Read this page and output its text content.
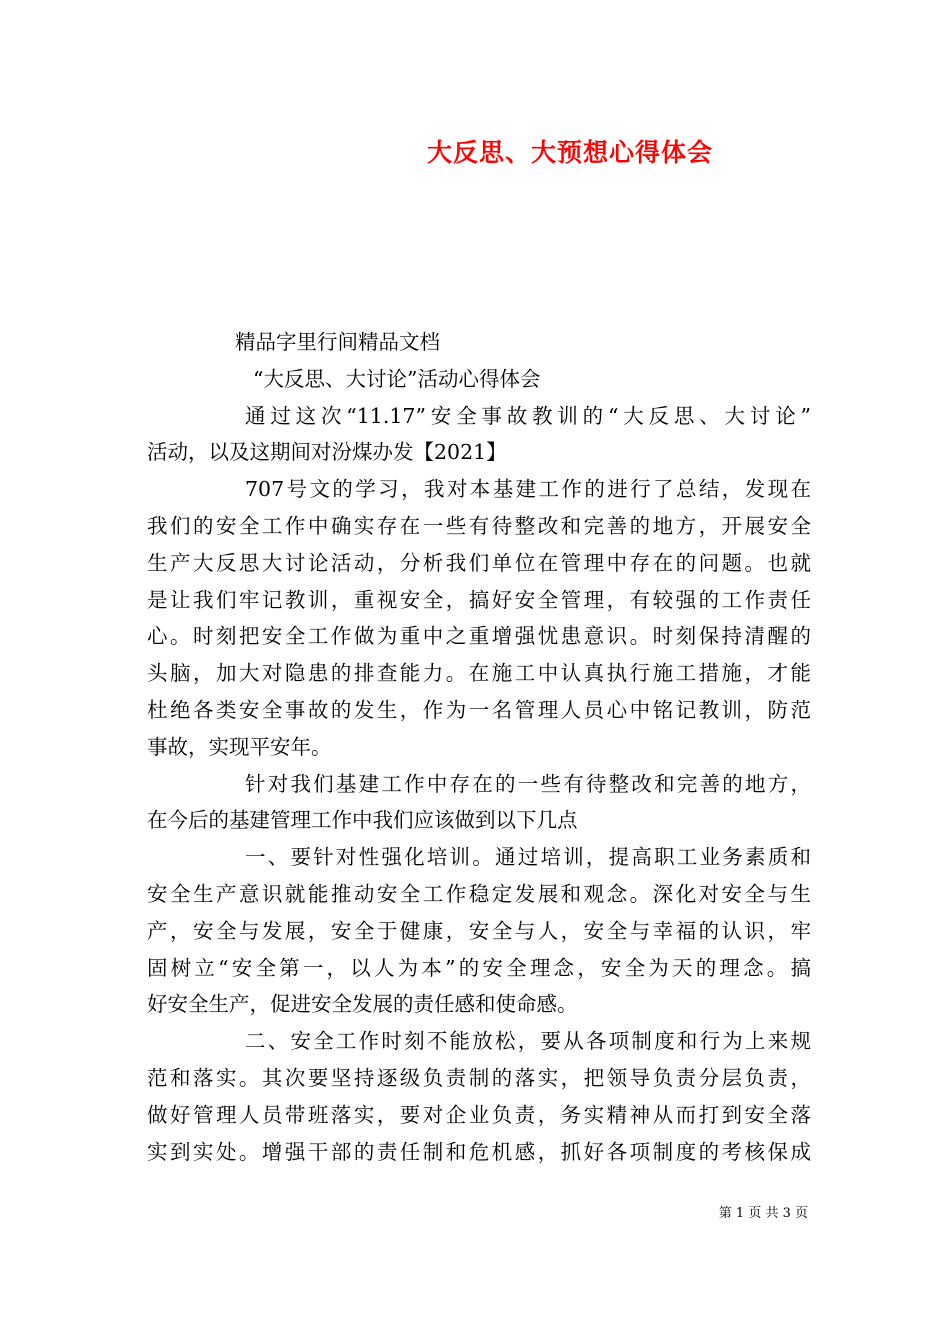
大反思、大预想心得体会
精品字里行间精品文档
“大反思、大讨论”活动心得体会
通过这次“11.17”安全事故教训的“大反思、大讨论”
活动，以及这期间对汾煤办发【2021】
707号文的学习，我对本基建工作的进行了总结，发现在
我们的安全工作中确实存在一些有待整改和完善的地方，开展安全
生产大反思大讨论活动，分析我们单位在管理中存在的问题。也就
是让我们牢记教训，重视安全，搞好安全管理，有较强的工作责任
心。时刻把安全工作做为重中之重增强忧患意识。时刻保持清醒的
头脑，加大对隐患的排查能力。在施工中认真执行施工措施，才能
杜绝各类安全事故的发生，作为一名管理人员心中铭记教训，防范
事故，实现平安年。
针对我们基建工作中存在的一些有待整改和完善的地方，
在今后的基建管理工作中我们应该做到以下几点
一、要针对性强化培训。通过培训，提高职工业务素质和
安全生产意识就能推动安全工作稳定发展和观念。深化对安全与生
产，安全与发展，安全于健康，安全与人，安全与幸福的认识，牢
固树立“安全第一，以人为本”的安全理念，安全为天的理念。搞
好安全生产，促进安全发展的责任感和使命感。
二、安全工作时刻不能放松，要从各项制度和行为上来规
范和落实。其次要坚持逐级负责制的落实，把领导负责分层负责，
做好管理人员带班落实，要对企业负责，务实精神从而打到安全落
实到实处。增强干部的责任制和危机感，抓好各项制度的考核保成
第 1 页 共 3 页
